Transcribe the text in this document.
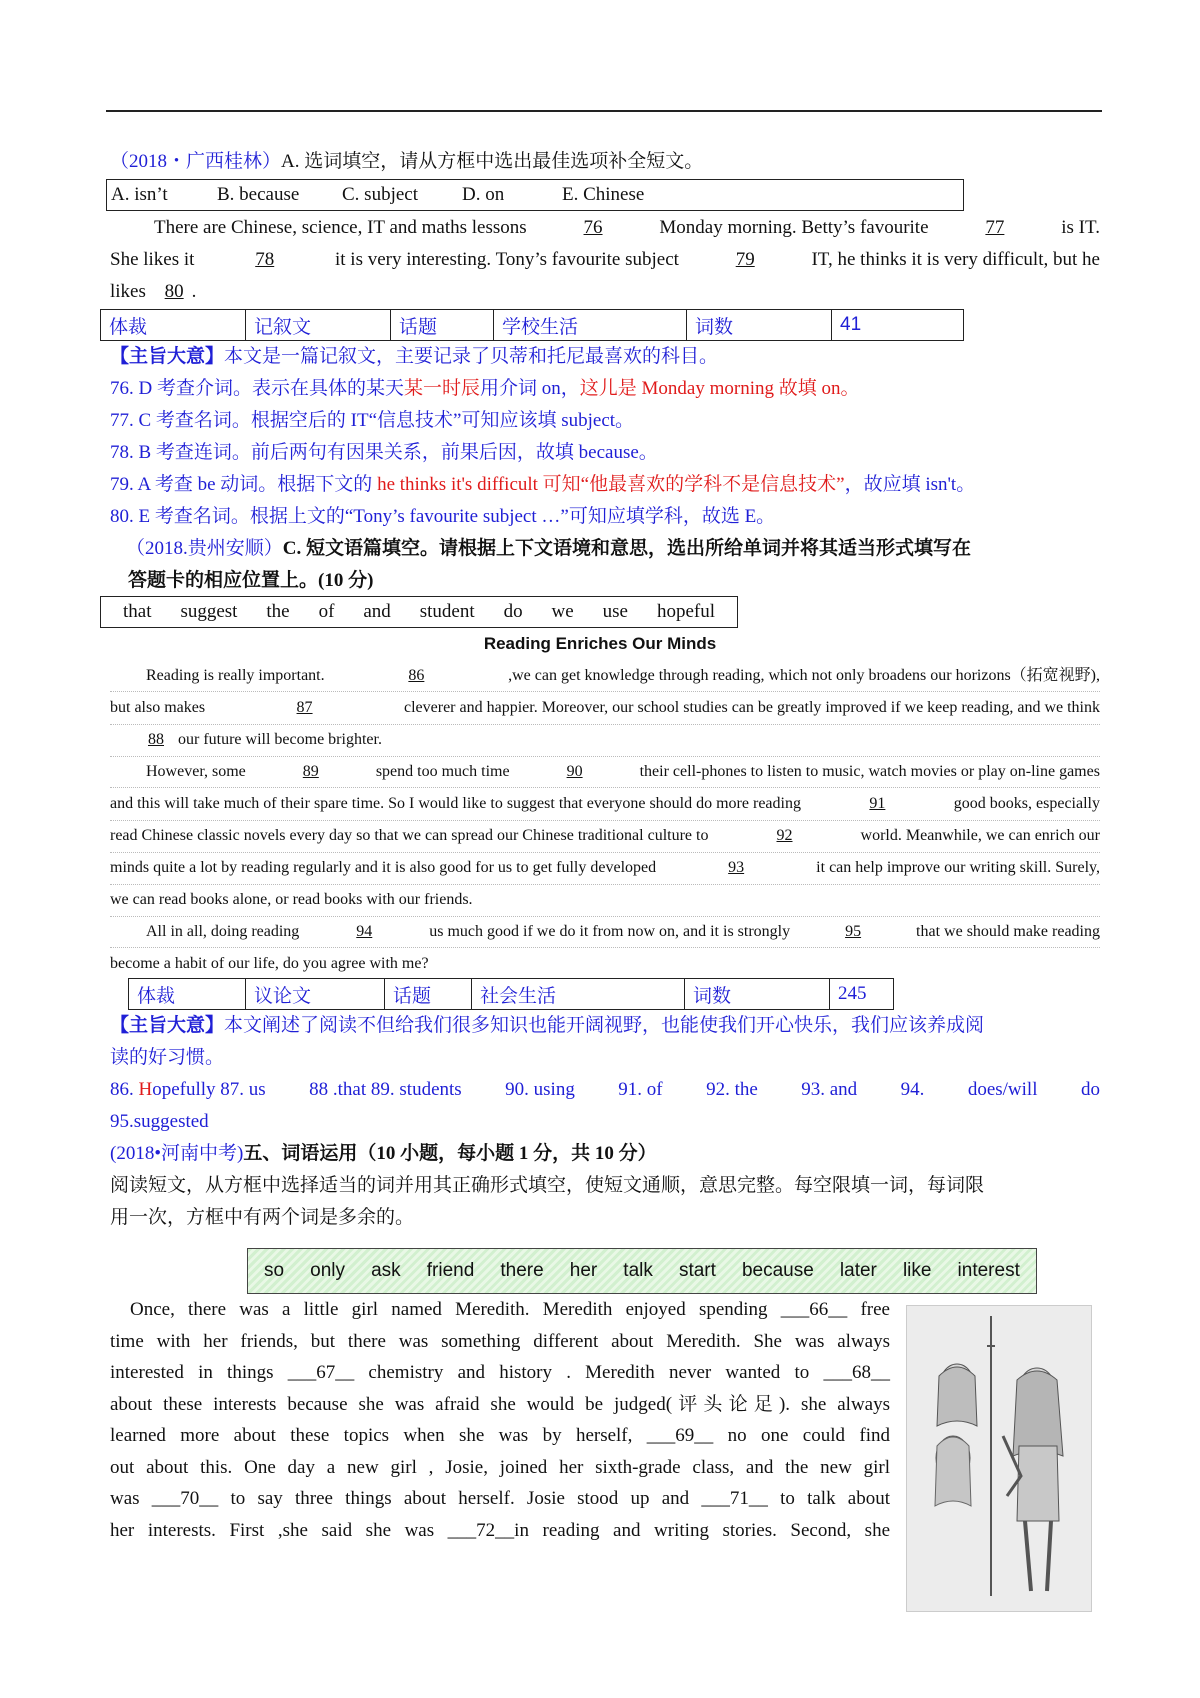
（2018・广西桂林）A. 选词填空，请从方框中选出最佳选项补全短文。
A. isn’t	B. because	C. subject	D. on	E. Chinese
There are Chinese, science, IT and maths lessons	76	Monday morning. Betty’s favourite	77	is IT.
She likes it	78	it is very interesting. Tony’s favourite subject	79	IT, he thinks it is very difficult, but he
likes 80 .
体裁	记叙文	话题	学校生活	词数	41
【主旨大意】本文是一篇记叙文，主要记录了贝蒂和托尼最喜欢的科目。
76. D 考查介词。表示在具体的某天某一时辰用介词 on，这儿是 Monday morning 故填 on。
77. C 考查名词。根据空后的 IT“信息技术”可知应该填 subject。
78. B 考查连词。前后两句有因果关系，前果后因，故填 because。
79. A 考查 be 动词。根据下文的 he thinks it's difficult 可知“他最喜欢的学科不是信息技术”，故应填 isn't。
80. E 考查名词。根据上文的“Tony’s favourite subject …”可知应填学科，故选 E。
（2018.贵州安顺）C. 短文语篇填空。请根据上下文语境和意思，选出所给单词并将其适当形式填写在
答题卡的相应位置上。(10 分)
that suggest the of and student do we use hopeful
Reading Enriches Our Minds
Reading is really important.	86	,we can get knowledge through reading, which not only broadens our horizons（拓宽视野),
but also makes	87	cleverer and happier. Moreover, our school studies can be greatly improved if we keep reading, and we think
88 our future will become brighter.
However, some	89	spend too much time	90	their cell-phones to listen to music, watch movies or play on-line games
and this will take much of their spare time. So I would like to suggest that everyone should do more reading	91	good books, especially
read Chinese classic novels every day so that we can spread our Chinese traditional culture to	92	world. Meanwhile, we can enrich our
minds quite a lot by reading regularly and it is also good for us to get fully developed	93	it can help improve our writing skill. Surely,
we can read books alone, or read books with our friends.
All in all, doing reading	94	us much good if we do it from now on, and it is strongly	95	that we should make reading
become a habit of our life, do you agree with me?
体裁	议论文	话题	社会生活	词数	245
【主旨大意】本文阐述了阅读不但给我们很多知识也能开阔视野，也能使我们开心快乐，我们应该养成阅
读的好习惯。
86. Hopefully 87. us 88 .that 89. students 90. using 91. of 92. the 93. and 94. does/will do
95.suggested
(2018•河南中考)五、词语运用（10 小题，每小题 1 分，共 10 分）
阅读短文，从方框中选择适当的词并用其正确形式填空，使短文通顺，意思完整。每空限填一词，每词限
用一次，方框中有两个词是多余的。
so only ask friend there her talk start because later like interest
Once, there was a little girl named Meredith. Meredith enjoyed spending ___66__ free
time with her friends, but there was something different about Meredith. She was always
interested in things ___67__ chemistry and history . Meredith never wanted to ___68__
about these interests because she was afraid she would be judged(评头论足). she always
learned more about these topics when she was by herself, ___69__ no one could find
out about this. One day a new girl , Josie, joined her sixth-grade class, and the new girl
was ___70__ to say three things about herself. Josie stood up and ___71__ to talk about
her interests. First ,she said she was ___72__in reading and writing stories. Second, she
